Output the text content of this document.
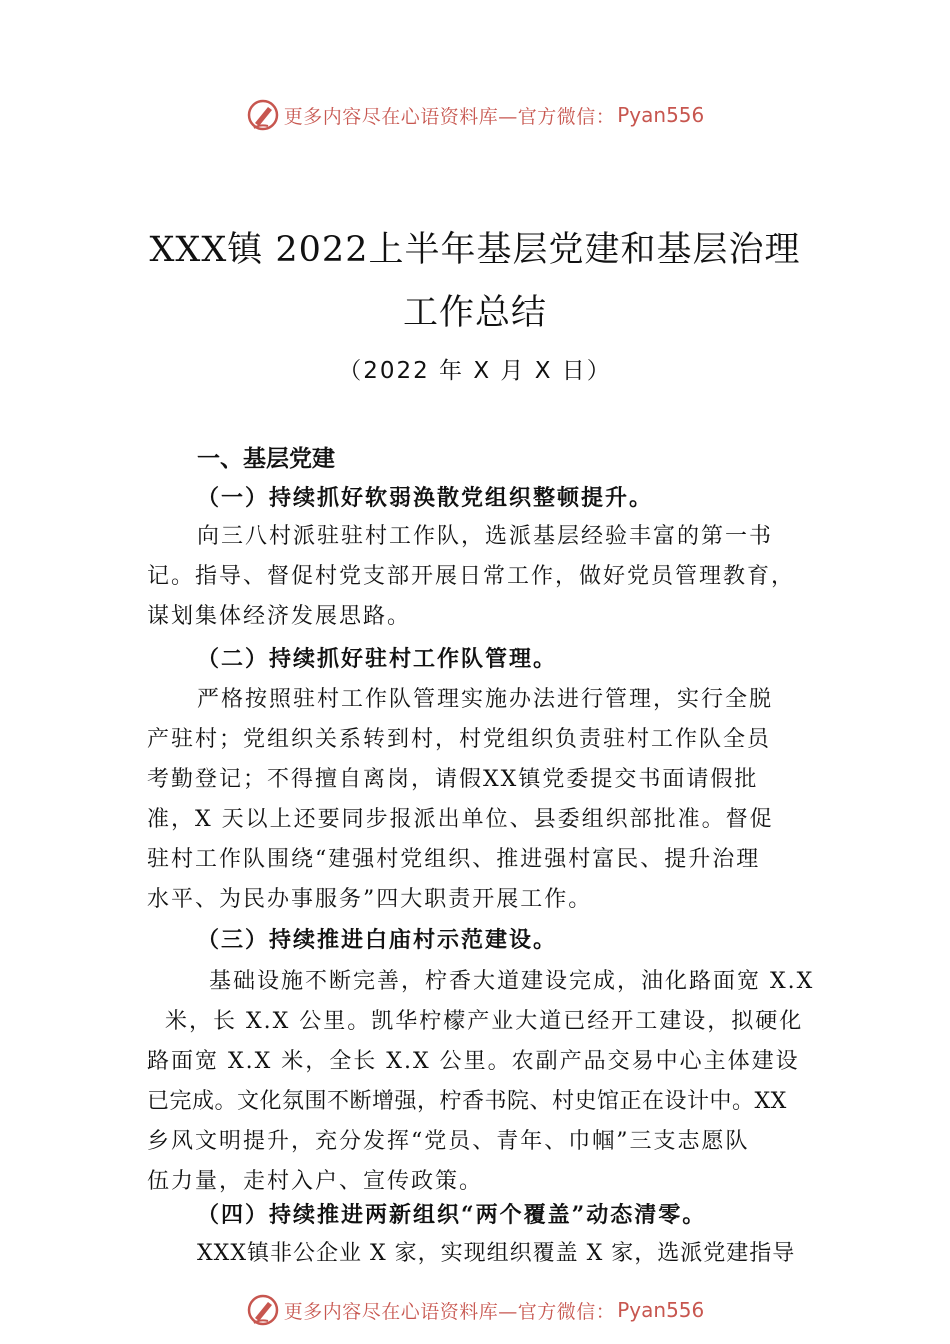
更多内容尽在心语资料库—官方微信： Pyan556
XXX镇 2022上半年基层党建和基层治理
工作总结
（2022 年 X 月 X 日）
一、基层党建
（一）持续抓好软弱涣散党组织整顿提升。
向三八村派驻驻村工作队，选派基层经验丰富的第一书
记。指导、督促村党支部开展日常工作，做好党员管理教育，
谋划集体经济发展思路。
（二）持续抓好驻村工作队管理。
严格按照驻村工作队管理实施办法进行管理，实行全脱
产驻村；党组织关系转到村，村党组织负责驻村工作队全员
考勤登记；不得擅自离岗，请假XX镇党委提交书面请假批
准，X 天以上还要同步报派出单位、县委组织部批准。督促
驻村工作队围绕“建强村党组织、推进强村富民、提升治理
水平、为民办事服务”四大职责开展工作。
（三）持续推进白庙村示范建设。
基础设施不断完善，柠香大道建设完成，油化路面宽 X.X
米，长 X.X 公里。凯华柠檬产业大道已经开工建设，拟硬化
路面宽 X.X 米，全长 X.X 公里。农副产品交易中心主体建设
已完成。文化氛围不断增强，柠香书院、村史馆正在设计中。XX
乡风文明提升，充分发挥“党员、青年、巾帼”三支志愿队
伍力量，走村入户、宣传政策。
（四）持续推进两新组织“两个覆盖”动态清零。
XXX镇非公企业 X 家，实现组织覆盖 X 家，选派党建指导
更多内容尽在心语资料库—官方微信： Pyan556
